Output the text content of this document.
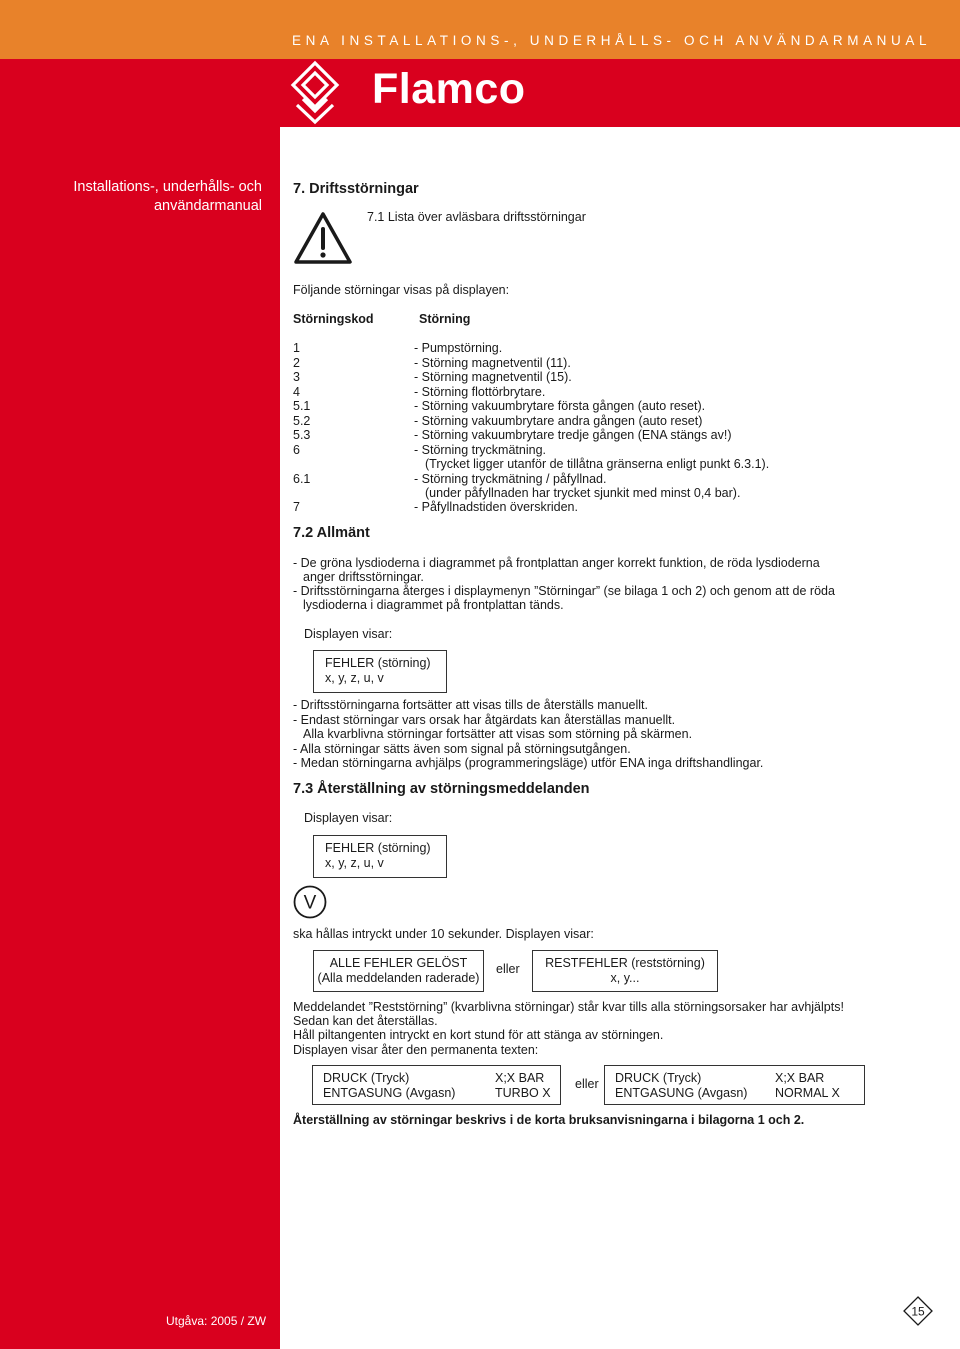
ENA INSTALLATIONS-, UNDERHÅLLS- OCH ANVÄNDARMANUAL
Flamco
Installations-, underhålls- och
användarmanual
Utgåva: 2005 / ZW
7. Driftsstörningar
7.1 Lista över avläsbara driftsstörningar
Följande störningar visas på displayen:
Störningskod	Störning
1	- Pumpstörning.
2	- Störning magnetventil (11).
3	- Störning magnetventil (15).
4	- Störning flottörbrytare.
5.1	- Störning vakuumbrytare första gången (auto reset).
5.2	- Störning vakuumbrytare andra gången (auto reset)
5.3	- Störning vakuumbrytare tredje gången (ENA stängs av!)
6	- Störning tryckmätning.
(Trycket ligger utanför de tillåtna gränserna enligt punkt 6.3.1).
6.1	- Störning tryckmätning / påfyllnad.
(under påfyllnaden har trycket sjunkit med minst 0,4 bar).
7	- Påfyllnadstiden överskriden.
7.2 Allmänt
- De gröna lysdioderna i diagrammet på frontplattan anger korrekt funktion, de röda lysdioderna
anger driftsstörningar.
- Driftsstörningarna återges i displaymenyn ”Störningar” (se bilaga 1 och 2) och genom att de röda
lysdioderna i diagrammet på frontplattan tänds.
Displayen visar:
FEHLER (störning)
x, y, z, u, v
- Driftsstörningarna fortsätter att visas tills de återställs manuellt.
- Endast störningar vars orsak har åtgärdats kan återställas manuellt.
Alla kvarblivna störningar fortsätter att visas som störning på skärmen.
- Alla störningar sätts även som signal på störningsutgången.
- Medan störningarna avhjälps (programmeringsläge) utför ENA inga driftshandlingar.
7.3 Återställning av störningsmeddelanden
Displayen visar:
FEHLER (störning)
x, y, z, u, v
V
ska hållas intryckt under 10 sekunder. Displayen visar:
ALLE FEHLER GELÖST
(Alla meddelanden raderade)
eller	RESTFEHLER (reststörning)
x, y...
Meddelandet ”Reststörning” (kvarblivna störningar) står kvar tills alla störningsorsaker har avhjälpts!
Sedan kan det återställas.
Håll piltangenten intryckt en kort stund för att stänga av störningen.
Displayen visar åter den permanenta texten:
DRUCK (Tryck)	X;X BAR
ENTGASUNG (Avgasn)	TURBO X
eller DRUCK (Tryck)	X;X BAR
ENTGASUNG (Avgasn) NORMAL X
Återställning av störningar beskrivs i de korta bruksanvisningarna i bilagorna 1 och 2.
15
